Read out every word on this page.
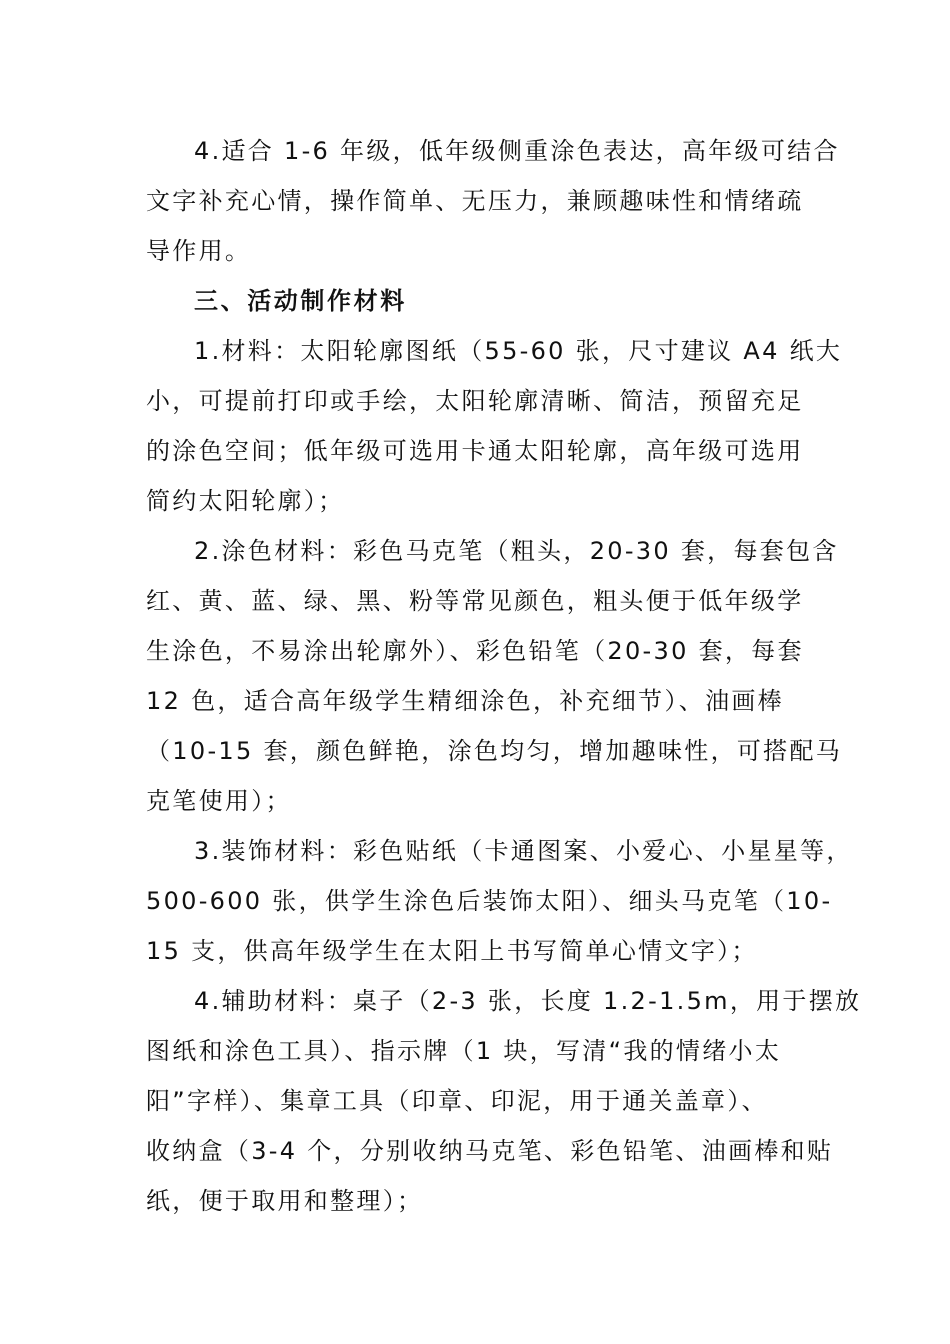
4.适合 1-6 年级，低年级侧重涂色表达，高年级可结合
文字补充心情，操作简单、无压力，兼顾趣味性和情绪疏
导作用。
三、活动制作材料
1.材料：太阳轮廓图纸（55-60 张，尺寸建议 A4 纸大
小，可提前打印或手绘，太阳轮廓清晰、简洁，预留充足
的涂色空间；低年级可选用卡通太阳轮廓，高年级可选用
简约太阳轮廓）；
2.涂色材料：彩色马克笔（粗头，20-30 套，每套包含
红、黄、蓝、绿、黑、粉等常见颜色，粗头便于低年级学
生涂色，不易涂出轮廓外）、彩色铅笔（20-30 套，每套
12 色，适合高年级学生精细涂色，补充细节）、油画棒
（10-15 套，颜色鲜艳，涂色均匀，增加趣味性，可搭配马
克笔使用）；
3.装饰材料：彩色贴纸（卡通图案、小爱心、小星星等，
500-600 张，供学生涂色后装饰太阳）、细头马克笔（10-
15 支，供高年级学生在太阳上书写简单心情文字）；
4.辅助材料：桌子（2-3 张，长度 1.2-1.5m，用于摆放
图纸和涂色工具）、指示牌（1 块，写清“我的情绪小太
阳”字样）、集章工具（印章、印泥，用于通关盖章）、
收纳盒（3-4 个，分别收纳马克笔、彩色铅笔、油画棒和贴
纸，便于取用和整理）；
